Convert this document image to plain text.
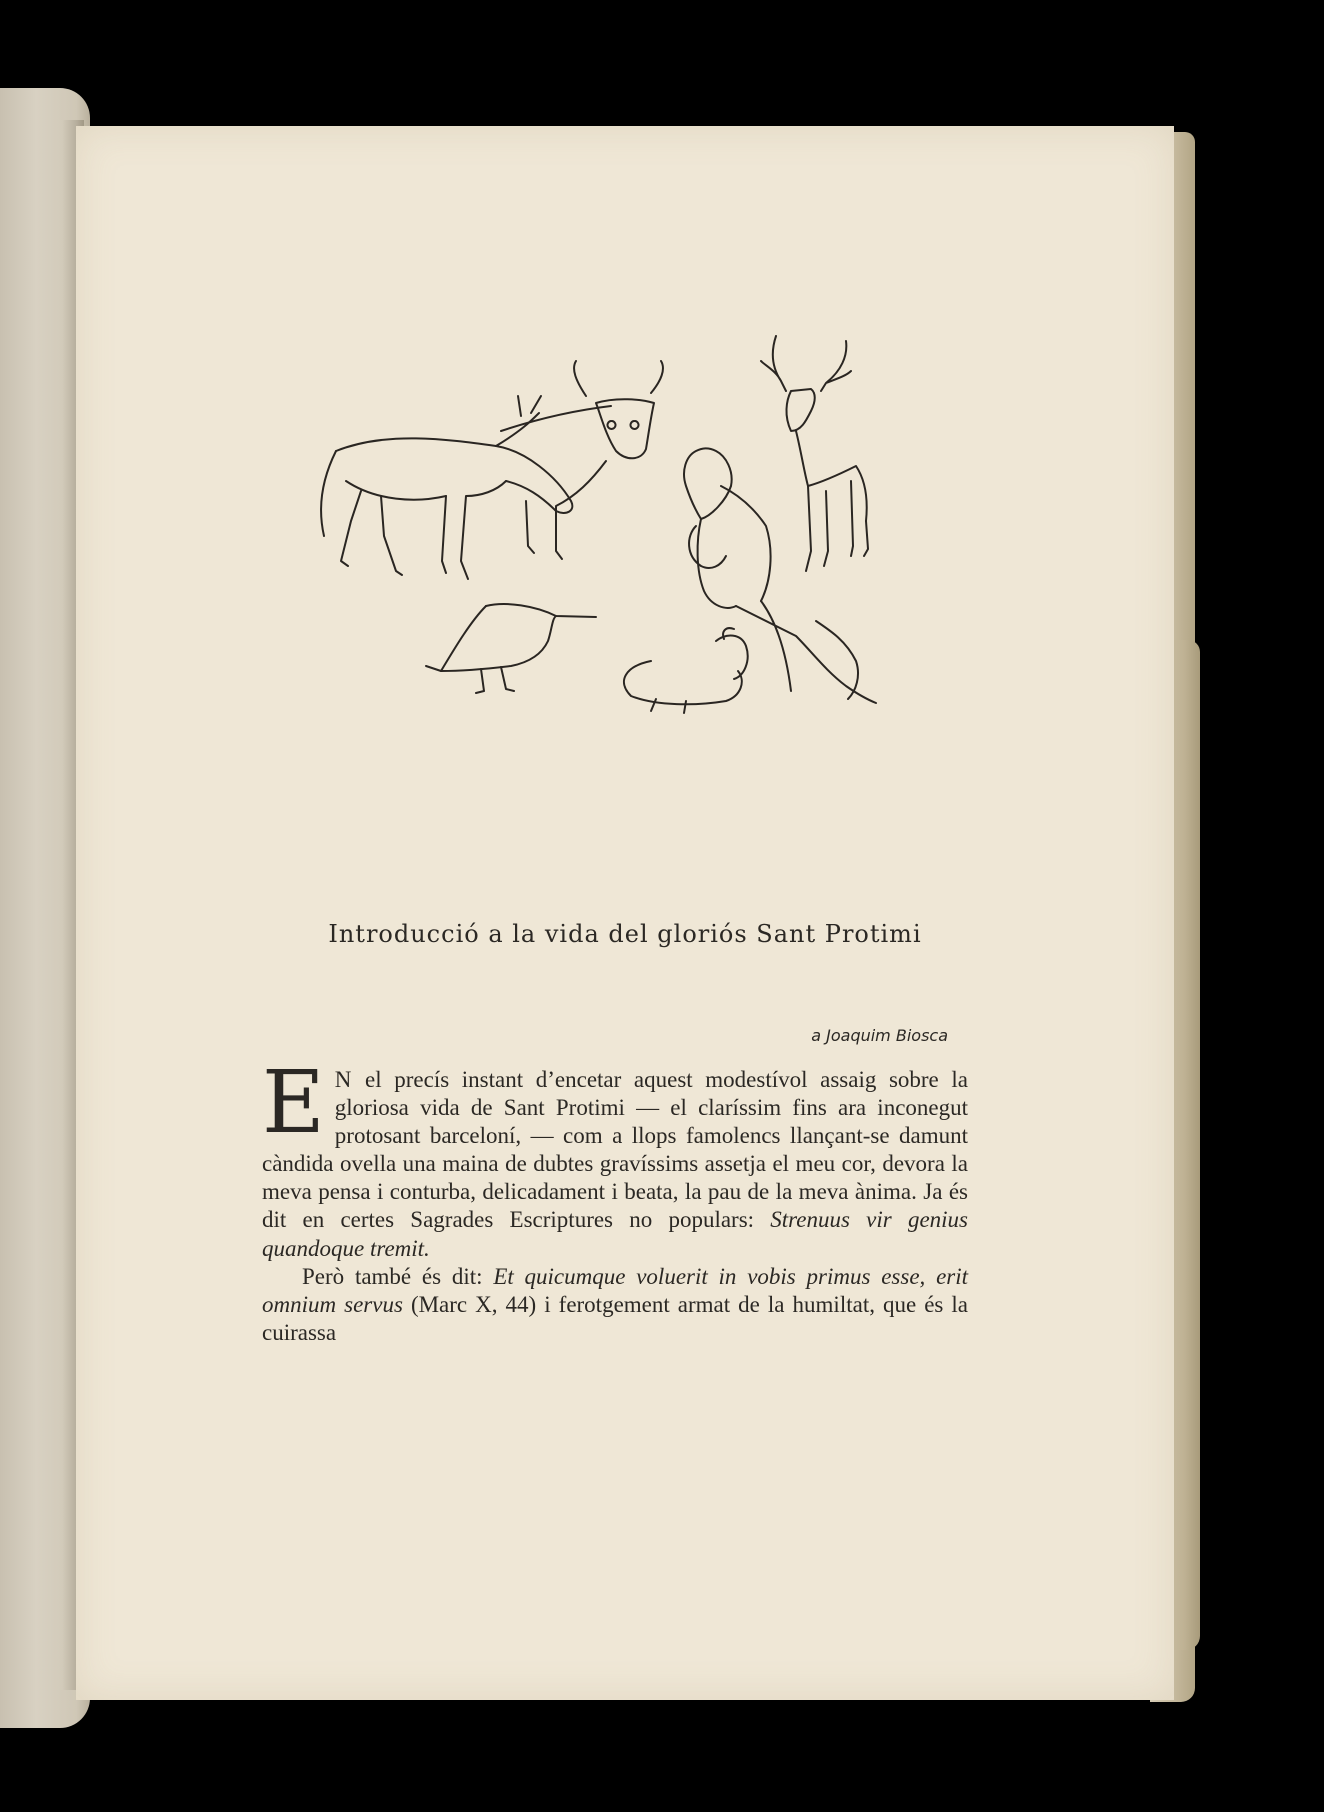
Introducció a la vida del gloriós Sant Protimi
a Joaquim Biosca

E N el precís instant d’encetar aquest modestívol assaig sobre la gloriosa vida de Sant Protimi — el claríssim fins ara inconegut protosant barceloní, — com a llops famolencs llançant-se damunt càndida ovella una maina de dubtes gravíssims assetja el meu cor, devora la meva pensa i conturba, delicadament i beata, la pau de la meva ànima. Ja és dit en certes Sagrades Escriptures no populars: Strenuus vir genius quandoque tremit.

Però també és dit: Et quicumque voluerit in vobis primus esse, erit omnium servus (Marc X, 44) i ferotgement armat de la humiltat, que és la cuirassa
